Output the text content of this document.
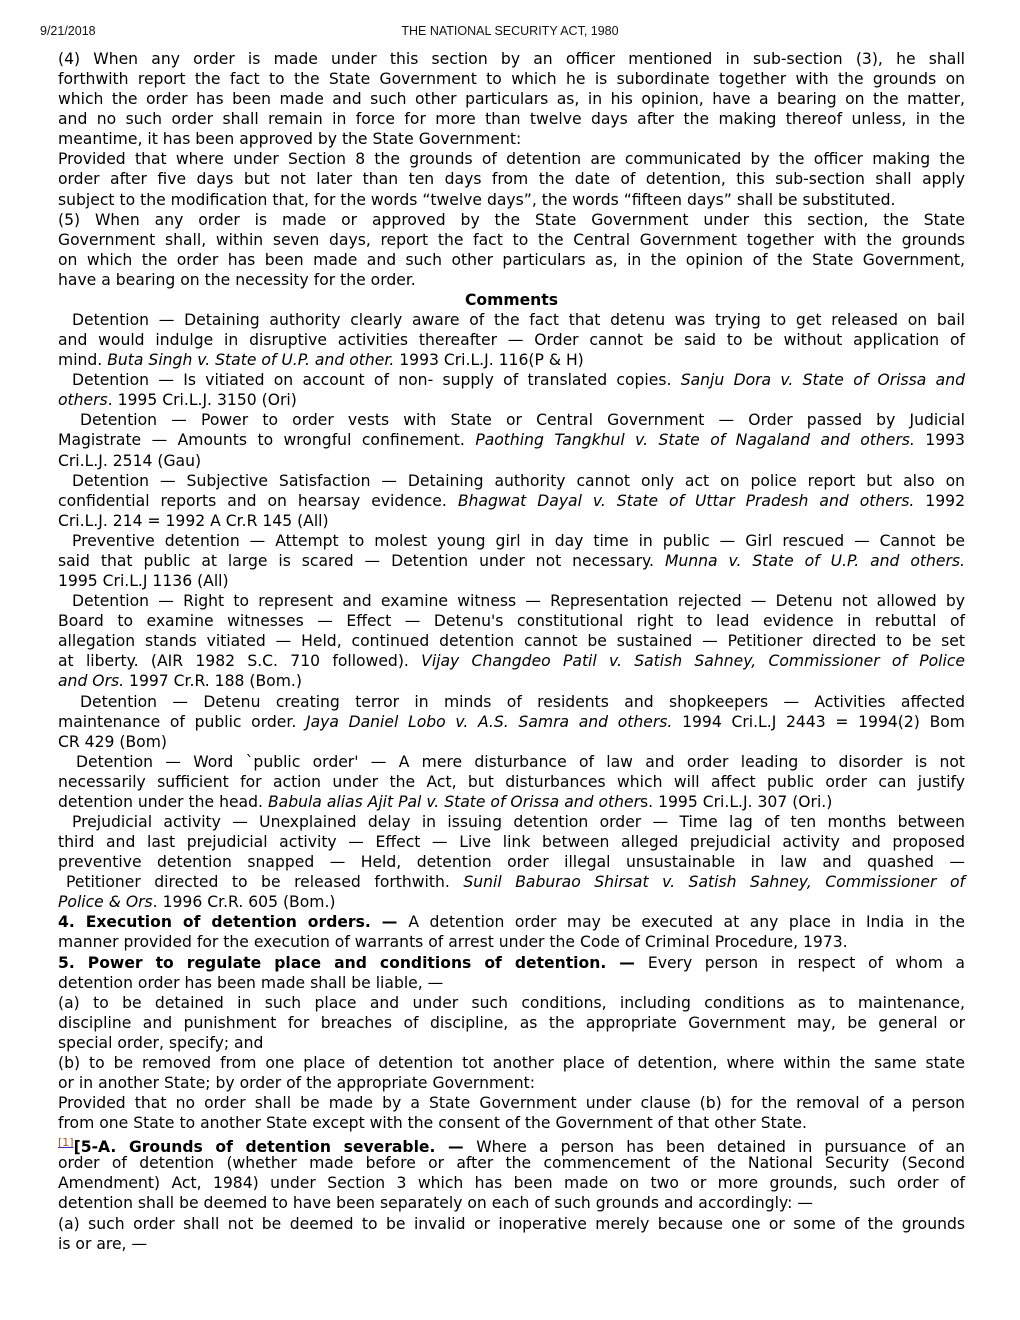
9/21/2018	THE NATIONAL SECURITY ACT, 1980
(4) When any order is made under this section by an officer mentioned in sub-section (3), he shall
forthwith report the fact to the State Government to which he is subordinate together with the grounds on
which the order has been made and such other particulars as, in his opinion, have a bearing on the matter,
and no such order shall remain in force for more than twelve days after the making thereof unless, in the
meantime, it has been approved by the State Government:
Provided that where under Section 8 the grounds of detention are communicated by the officer making the
order after five days but not later than ten days from the date of detention, this sub-section shall apply
subject to the modification that, for the words “twelve days”, the words “fifteen days” shall be substituted.
(5) When any order is made or approved by the State Government under this section, the State
Government shall, within seven days, report the fact to the Central Government together with the grounds
on which the order has been made and such other particulars as, in the opinion of the State Government,
have a bearing on the necessity for the order.
Comments
Detention — Detaining authority clearly aware of the fact that detenu was trying to get released on bail
and would indulge in disruptive activities thereafter — Order cannot be said to be without application of
mind. Buta Singh v. State of U.P. and other. 1993 Cri.L.J. 116(P & H)
Detention — Is vitiated on account of non- supply of translated copies. Sanju Dora v. State of Orissa and
others. 1995 Cri.L.J. 3150 (Ori)
Detention — Power to order vests with State or Central Government — Order passed by Judicial
Magistrate — Amounts to wrongful confinement. Paothing Tangkhul v. State of Nagaland and others. 1993
Cri.L.J. 2514 (Gau)
Detention — Subjective Satisfaction — Detaining authority cannot only act on police report but also on
confidential reports and on hearsay evidence. Bhagwat Dayal v. State of Uttar Pradesh and others. 1992
Cri.L.J. 214 = 1992 A Cr.R 145 (All)
Preventive detention — Attempt to molest young girl in day time in public — Girl rescued — Cannot be
said that public at large is scared — Detention under not necessary. Munna v. State of U.P. and others.
1995 Cri.L.J 1136 (All)
Detention — Right to represent and examine witness — Representation rejected — Detenu not allowed by
Board to examine witnesses — Effect — Detenu's constitutional right to lead evidence in rebuttal of
allegation stands vitiated — Held, continued detention cannot be sustained — Petitioner directed to be set
at liberty. (AIR 1982 S.C. 710 followed). Vijay Changdeo Patil v. Satish Sahney, Commissioner of Police
and Ors. 1997 Cr.R. 188 (Bom.)
Detention — Detenu creating terror in minds of residents and shopkeepers — Activities affected
maintenance of public order. Jaya Daniel Lobo v. A.S. Samra and others. 1994 Cri.L.J 2443 = 1994(2) Bom
CR 429 (Bom)
Detention — Word `public order' — A mere disturbance of law and order leading to disorder is not
necessarily sufficient for action under the Act, but disturbances which will affect public order can justify
detention under the head. Babula alias Ajit Pal v. State of Orissa and others. 1995 Cri.L.J. 307 (Ori.)
Prejudicial activity — Unexplained delay in issuing detention order — Time lag of ten months between
third and last prejudicial activity — Effect — Live link between alleged prejudicial activity and proposed
preventive detention snapped — Held, detention order illegal unsustainable in law and quashed —
Petitioner directed to be released forthwith. Sunil Baburao Shirsat v. Satish Sahney, Commissioner of
Police & Ors. 1996 Cr.R. 605 (Bom.)
4. Execution of detention orders. — A detention order may be executed at any place in India in the
manner provided for the execution of warrants of arrest under the Code of Criminal Procedure, 1973.
5. Power to regulate place and conditions of detention. — Every person in respect of whom a
detention order has been made shall be liable, —
(a) to be detained in such place and under such conditions, including conditions as to maintenance,
discipline and punishment for breaches of discipline, as the appropriate Government may, be general or
special order, specify; and
(b) to be removed from one place of detention tot another place of detention, where within the same state
or in another State; by order of the appropriate Government:
Provided that no order shall be made by a State Government under clause (b) for the removal of a person
from one State to another State except with the consent of the Government of that other State.
[1][5-A. Grounds of detention severable. — Where a person has been detained in pursuance of an
order of detention (whether made before or after the commencement of the National Security (Second
Amendment) Act, 1984) under Section 3 which has been made on two or more grounds, such order of
detention shall be deemed to have been separately on each of such grounds and accordingly: —
(a) such order shall not be deemed to be invalid or inoperative merely because one or some of the grounds
is or are, —
